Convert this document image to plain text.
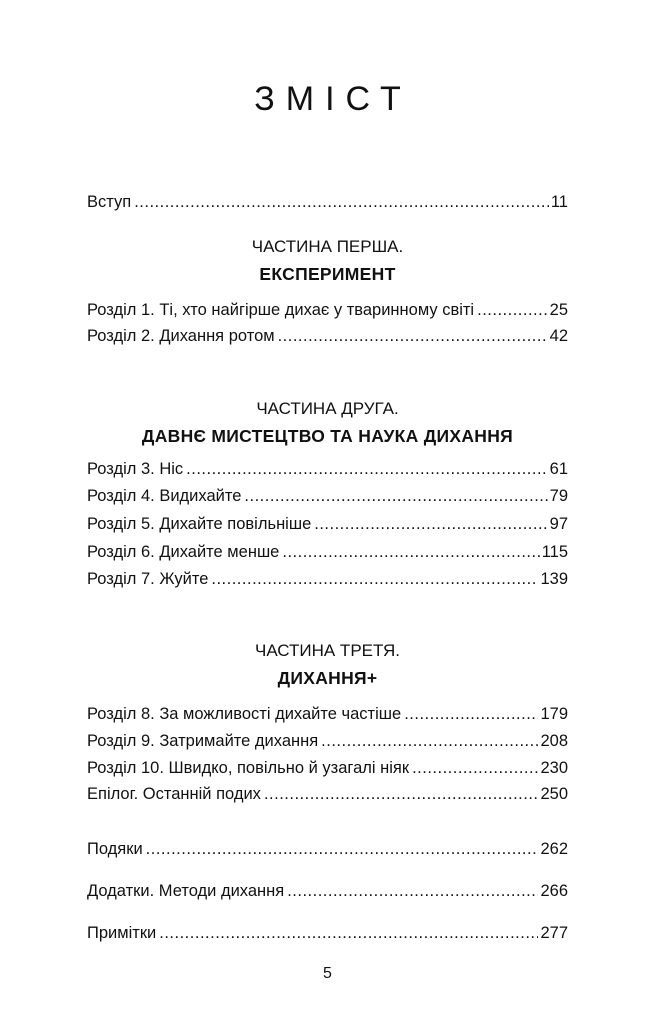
ЗМІСТ
Вступ .....	11
ЧАСТИНА ПЕРША.
ЕКСПЕРИМЕНТ
Розділ 1. Ті, хто найгірше дихає у тваринному світі .....	25
Розділ 2. Дихання ротом .....	42
ЧАСТИНА ДРУГА.
ДАВНЄ МИСТЕЦТВО ТА НАУКА ДИХАННЯ
Розділ 3. Ніс .....	61
Розділ 4. Видихайте .....	79
Розділ 5. Дихайте повільніше .....	97
Розділ 6. Дихайте менше .....	115
Розділ 7. Жуйте .....	139
ЧАСТИНА ТРЕТЯ.
ДИХАННЯ+
Розділ 8. За можливості дихайте частіше .....	179
Розділ 9. Затримайте дихання .....	208
Розділ 10. Швидко, повільно й узагалі ніяк .....	230
Епілог. Останній подих .....	250
Подяки .....	262
Додатки. Методи дихання .....	266
Примітки .....	277
5
